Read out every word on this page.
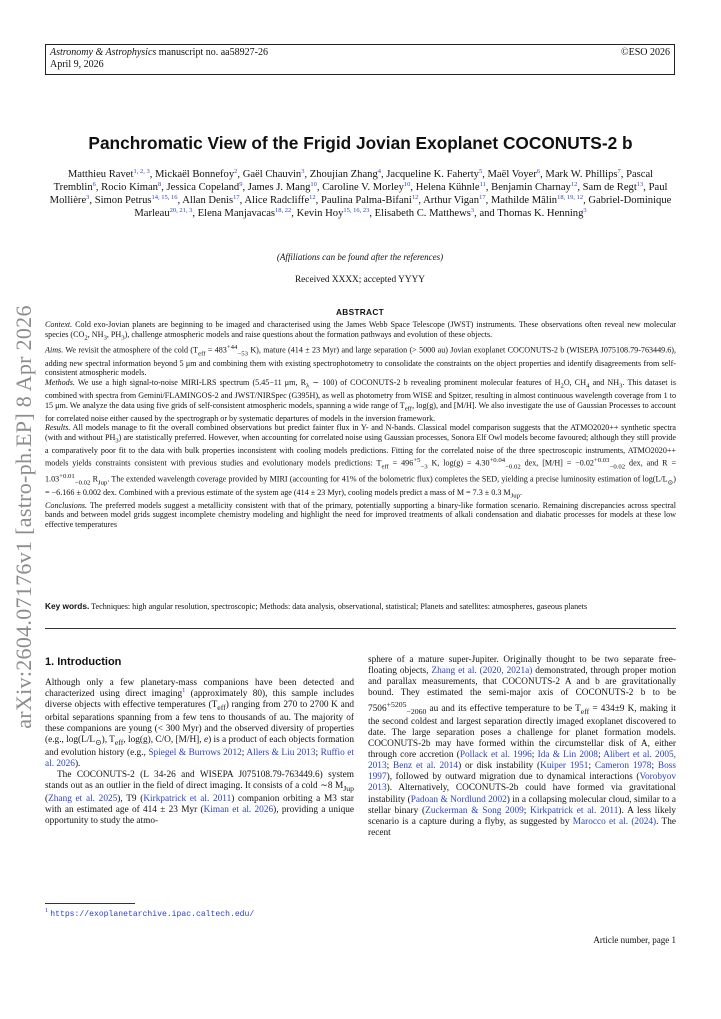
Astronomy & Astrophysics manuscript no. aa58927-26
April 9, 2026
©ESO 2026
arXiv:2604.07176v1 [astro-ph.EP] 8 Apr 2026
Panchromatic View of the Frigid Jovian Exoplanet COCONUTS-2 b
Matthieu Ravet$^{1, 2, 3}$, Mickaël Bonnefoy$^2$, Gaël Chauvin$^3$, Zhoujian Zhang$^4$, Jacqueline K. Faherty$^5$, Maël Voyer$^6$, Mark W. Phillips$^7$, Pascal Tremblin$^6$, Rocio Kiman$^8$, Jessica Copeland$^9$, James J. Mang$^{10}$, Caroline V. Morley$^{10}$, Helena Kühnle$^{11}$, Benjamin Charnay$^{12}$, Sam de Regt$^{13}$, Paul Mollière$^3$, Simon Petrus$^{14, 15, 16}$, Allan Denis$^{17}$, Alice Radcliffe$^{12}$, Paulina Palma-Bifani$^{12}$, Arthur Vigan$^{17}$, Mathilde Mâlin$^{18, 19, 12}$, Gabriel-Dominique Marleau$^{20, 21, 3}$, Elena Manjavacas$^{18, 22}$, Kevin Hoy$^{15, 16, 23}$, Elisabeth C. Matthews$^3$, and Thomas K. Henning$^3$
(Affiliations can be found after the references)
Received XXXX; accepted YYYY
ABSTRACT

Context. Cold exo-Jovian planets are beginning to be imaged and characterised using the James Webb Space Telescope (JWST) instruments. These observations often reveal new molecular species ($CO_2$, $NH_3$, $PH_3$), challenge atmospheric models and raise questions about the formation pathways and evolution of these objects.

Aims. We revisit the atmosphere of the cold ($T_{eff} = 483^{+44}_{-53}$ K), mature (414 ± 23 Myr) and large separation (> 5000 au) Jovian exoplanet COCONUTS-2 b (WISEPA J075108.79-763449.6), adding new spectral information beyond 5 μm and combining them with existing spectrophotometry to consolidate the constraints on the object properties and identify disagreements from self-consistent atmospheric models.

Methods. We use a high signal-to-noise MIRI-LRS spectrum (5.45−11 μm, $R_\lambda$ ∼ 100) of COCONUTS-2 b revealing prominent molecular features of $H_2O$, $CH_4$ and $NH_3$. This dataset is combined with spectra from Gemini/FLAMINGOS-2 and JWST/NIRSpec (G395H), as well as photometry from WISE and Spitzer, resulting in almost continuous wavelength coverage from 1 to 15 μm. We analyze the data using five grids of self-consistent atmospheric models, spanning a wide range of $T_{eff}$, log(g), and [M/H]. We also investigate the use of Gaussian Processes to account for correlated noise either caused by the spectrograph or by systematic departures of models in the inversion framework.

Results. All models manage to fit the overall combined observations but predict fainter flux in Y- and N-bands. Classical model comparison suggests that the ATMO2020++ synthetic spectra (with and without $PH_3$) are statistically preferred. However, when accounting for correlated noise using Gaussian processes, Sonora Elf Owl models become favoured; although they still provide a comparatively poor fit to the data with bulk properties inconsistent with cooling models predictions. Fitting for the correlated noise of the three spectroscopic instruments, ATMO2020++ models yields constraints consistent with previous studies and evolutionary models predictions: $T_{eff} = 496^{+5}_{-3}$ K, $\log(g) = 4.30^{+0.04}_{-0.02}$ dex, $[M/H] = -0.02^{+0.03}_{-0.02}$ dex, and $R = 1.03^{+0.01}_{-0.02}$ $R_{Jup}$. The extended wavelength coverage provided by MIRI (accounting for 41% of the bolometric flux) completes the SED, yielding a precise luminosity estimation of $\log(L/L_⊙) = -6.166 \pm 0.002$ dex. Combined with a previous estimate of the system age (414 ± 23 Myr), cooling models predict a mass of M = 7.3 ± 0.3 $M_{Jup}$.

Conclusions. The preferred models suggest a metallicity consistent with that of the primary, potentially supporting a binary-like formation scenario. Remaining discrepancies across spectral bands and between model grids suggest incomplete chemistry modeling and highlight the need for improved treatments of alkali condensation and diabatic processes for models at these low effective temperatures

Key words. Techniques: high angular resolution, spectroscopic; Methods: data analysis, observational, statistical; Planets and satellites: atmospheres, gaseous planets
1. Introduction

Although only a few planetary-mass companions have been detected and characterized using direct imaging$^1$ (approximately 80), this sample includes diverse objects with effective temperatures $(T_{eff})$ ranging from 270 to 2700 K and orbital separations spanning from a few tens to thousands of au. The majority of these companions are young (< 300 Myr) and the observed diversity of properties (e.g., $\log(L/L_⊙)$, $T_{eff}$, log(g), C/O, [M/H], e) is a product of each objects formation and evolution history (e.g., Spiegel & Burrows 2012; Allers & Liu 2013; Ruffio et al. 2026).

The COCONUTS-2 (L 34-26 and WISEPA J075108.79-763449.6) system stands out as an outlier in the field of direct imaging. It consists of a cold ∼8 $M_{Jup}$ (Zhang et al. 2025), T9 (Kirkpatrick et al. 2011) companion orbiting a M3 star with an estimated age of 414 ± 23 Myr (Kiman et al. 2026), providing a unique opportunity to study the atmo-

sphere of a mature super-Jupiter. Originally thought to be two separate free-floating objects, Zhang et al. (2020, 2021a) demonstrated, through proper motion and parallax measurements, that COCONUTS-2 A and b are gravitationally bound. They estimated the semi-major axis of COCONUTS-2 b to be $7506^{+5205}_{-2060}$ au and its effective temperature to be $T_{eff} = 434\pm 9$ K, making it the second coldest and largest separation directly imaged exoplanet discovered to date. The large separation poses a challenge for planet formation models. COCONUTS-2b may have formed within the circumstellar disk of A, either through core accretion (Pollack et al. 1996; Ida & Lin 2008; Alibert et al. 2005, 2013; Benz et al. 2014) or disk instability (Kuiper 1951; Cameron 1978; Boss 1997), followed by outward migration due to dynamical interactions (Vorobyov 2013). Alternatively, COCONUTS-2b could have formed via gravitational instability (Padoan & Nordlund 2002) in a collapsing molecular cloud, similar to a stellar binary (Zuckerman & Song 2009; Kirkpatrick et al. 2011). A less likely scenario is a capture during a flyby, as suggested by Marocco et al. (2024). The recent

$^1$ https://exoplanetarchive.ipac.caltech.edu/
Article number, page 1
